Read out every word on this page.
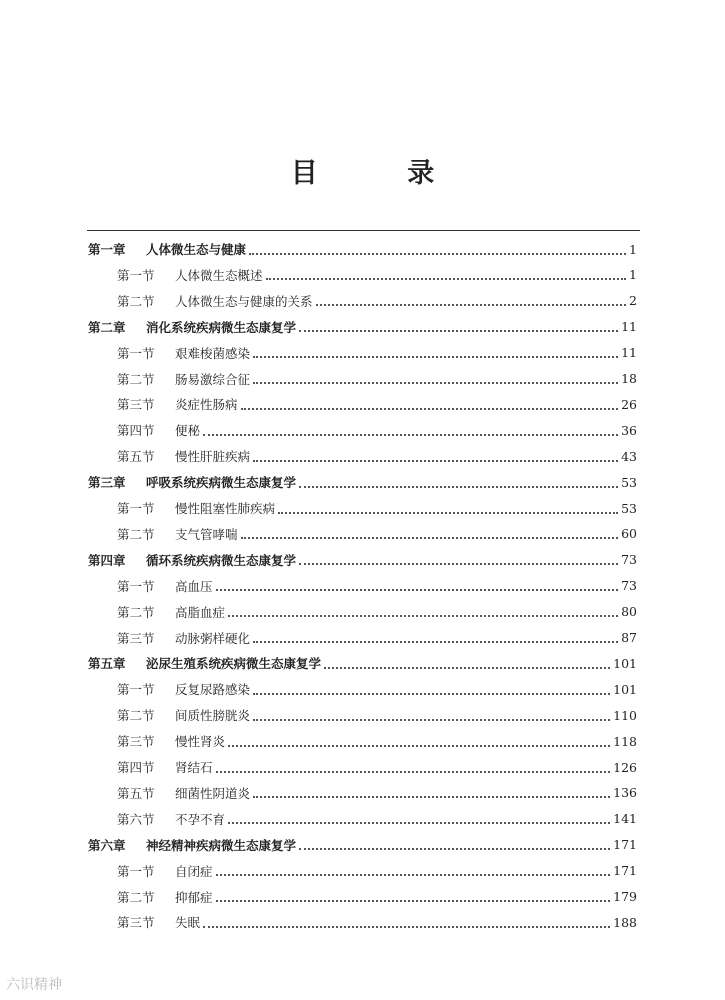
目 录
第一章	人体微生态与健康	1
第一节	人体微生态概述	1
第二节	人体微生态与健康的关系	2
第二章	消化系统疾病微生态康复学	11
第一节	艰难梭菌感染	11
第二节	肠易激综合征	18
第三节	炎症性肠病	26
第四节	便秘	36
第五节	慢性肝脏疾病	43
第三章	呼吸系统疾病微生态康复学	53
第一节	慢性阻塞性肺疾病	53
第二节	支气管哮喘	60
第四章	循环系统疾病微生态康复学	73
第一节	高血压	73
第二节	高脂血症	80
第三节	动脉粥样硬化	87
第五章	泌尿生殖系统疾病微生态康复学	101
第一节	反复尿路感染	101
第二节	间质性膀胱炎	110
第三节	慢性肾炎	118
第四节	肾结石	126
第五节	细菌性阴道炎	136
第六节	不孕不育	141
第六章	神经精神疾病微生态康复学	171
第一节	自闭症	171
第二节	抑郁症	179
第三节	失眠	188
六识精神
